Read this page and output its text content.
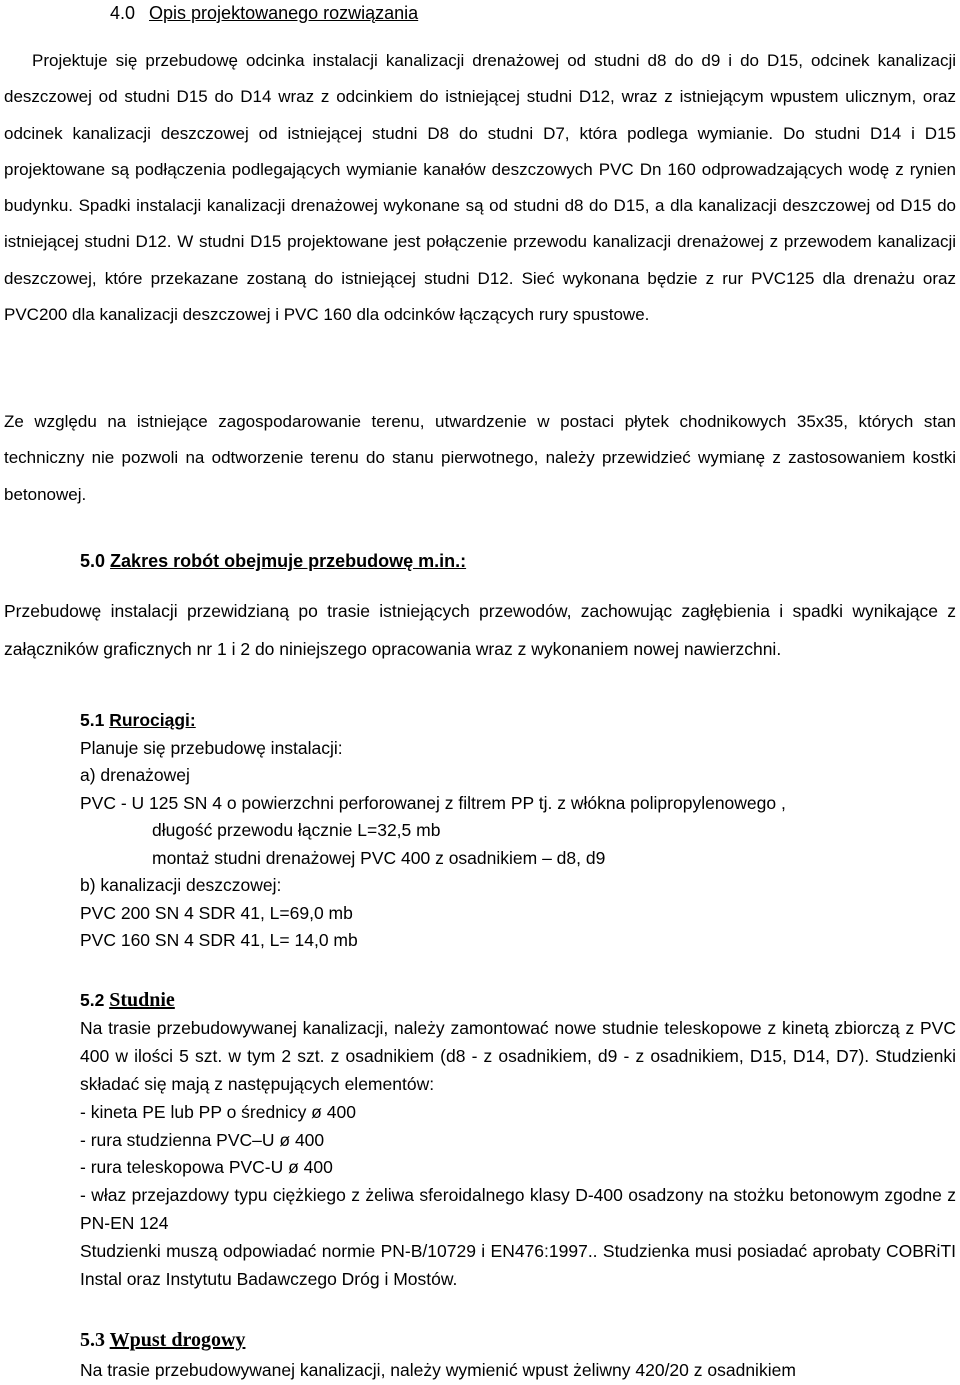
4.0 Opis projektowanego rozwiązania
Projektuje się przebudowę odcinka instalacji kanalizacji drenażowej od studni d8 do d9 i do D15, odcinek kanalizacji deszczowej od studni D15 do D14 wraz z odcinkiem do istniejącej studni D12, wraz z istniejącym wpustem ulicznym, oraz odcinek kanalizacji deszczowej od istniejącej studni D8 do studni D7, która podlega wymianie. Do studni D14 i D15 projektowane są podłączenia podlegających wymianie kanałów deszczowych PVC Dn 160 odprowadzających wodę z rynien budynku. Spadki instalacji kanalizacji drenażowej wykonane są od studni d8 do D15, a dla kanalizacji deszczowej od D15 do istniejącej studni D12. W studni D15 projektowane jest połączenie przewodu kanalizacji drenażowej z przewodem kanalizacji deszczowej, które przekazane zostaną do istniejącej studni D12. Sieć wykonana będzie z rur PVC125 dla drenażu oraz PVC200 dla kanalizacji deszczowej i PVC 160 dla odcinków łączących rury spustowe.
Ze względu na istniejące zagospodarowanie terenu, utwardzenie w postaci płytek chodnikowych 35x35, których stan techniczny nie pozwoli na odtworzenie terenu do stanu pierwotnego, należy przewidzieć wymianę z zastosowaniem kostki betonowej.
5.0 Zakres robót obejmuje przebudowę m.in.:
Przebudowę instalacji przewidzianą po trasie istniejących przewodów, zachowując zagłębienia i spadki wynikające z załączników graficznych nr 1 i 2 do niniejszego opracowania wraz z wykonaniem nowej nawierzchni.
5.1 Rurociągi:
Planuje się przebudowę instalacji:
a) drenażowej
PVC - U 125 SN 4 o powierzchni perforowanej z filtrem PP tj. z włókna polipropylenowego ,
długość przewodu łącznie L=32,5 mb
montaż studni drenażowej PVC 400 z osadnikiem – d8, d9
b) kanalizacji deszczowej:
PVC 200 SN 4 SDR 41, L=69,0 mb
PVC 160 SN 4 SDR 41, L= 14,0 mb
5.2 Studnie
Na trasie przebudowywanej kanalizacji, należy zamontować nowe studnie teleskopowe z kinetą zbiorczą z PVC 400 w ilości 5 szt. w tym 2 szt. z osadnikiem (d8 - z osadnikiem, d9 - z osadnikiem, D15, D14, D7). Studzienki składać się mają z następujących elementów:
- kineta PE lub PP o średnicy ø 400
- rura studzienna PVC–U ø 400
- rura teleskopowa PVC-U ø 400
- właz przejazdowy typu ciężkiego z żeliwa sferoidalnego klasy D-400 osadzony na stożku betonowym zgodne z PN-EN 124
Studzienki muszą odpowiadać normie PN-B/10729 i EN476:1997.. Studzienka musi posiadać aprobaty COBRiTI Instal oraz Instytutu Badawczego Dróg i Mostów.
5.3 Wpust drogowy
Na trasie przebudowywanej kanalizacji, należy wymienić wpust żeliwny 420/20 z osadnikiem
